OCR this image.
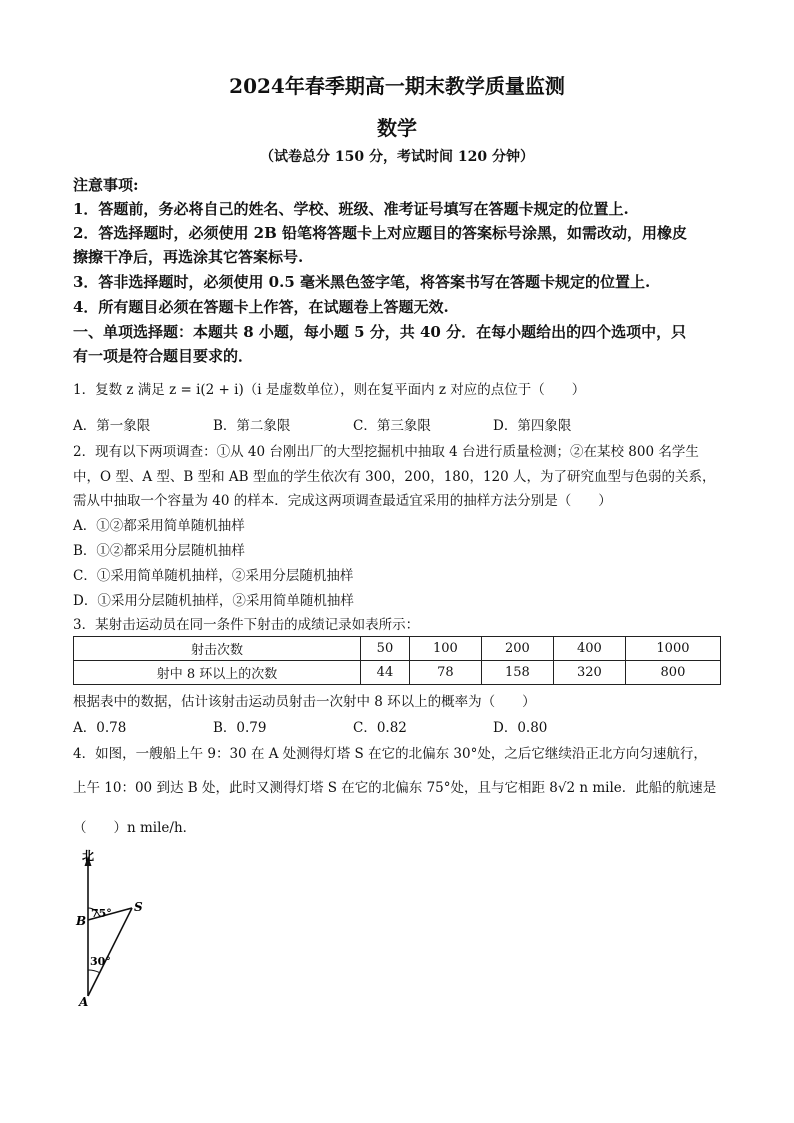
2024年春季期高一期末教学质量监测
数学
（试卷总分 150 分，考试时间 120 分钟）
注意事项:
1．答题前，务必将自己的姓名、学校、班级、准考证号填写在答题卡规定的位置上.
2．答选择题时，必须使用 2B 铅笔将答题卡上对应题目的答案标号涂黑，如需改动，用橡皮
擦擦干净后，再选涂其它答案标号.
3．答非选择题时，必须使用 0.5 毫米黑色签字笔，将答案书写在答题卡规定的位置上.
4．所有题目必须在答题卡上作答，在试题卷上答题无效.
一、单项选择题：本题共 8 小题，每小题 5 分，共 40 分．在每小题给出的四个选项中，只
有一项是符合题目要求的．
1．复数 z 满足 z = i(2 + i)（i 是虚数单位），则在复平面内 z 对应的点位于（　　）
A．第一象限	B．第二象限	C．第三象限	D．第四象限
2．现有以下两项调查：①从 40 台刚出厂的大型挖掘机中抽取 4 台进行质量检测；②在某校 800 名学生
中，O 型、A 型、B 型和 AB 型血的学生依次有 300，200，180，120 人，为了研究血型与色弱的关系，
需从中抽取一个容量为 40 的样本．完成这两项调查最适宜采用的抽样方法分别是（　　）
A．①②都采用简单随机抽样
B．①②都采用分层随机抽样
C．①采用简单随机抽样，②采用分层随机抽样
D．①采用分层随机抽样，②采用简单随机抽样
3．某射击运动员在同一条件下射击的成绩记录如表所示：
射击次数	50	100	200	400	1000
射中 8 环以上的次数	44	78	158	320	800
根据表中的数据，估计该射击运动员射击一次射中 8 环以上的概率为（　　）
A．0.78	B．0.79	C．0.82	D．0.80
4．如图，一艘船上午 9：30 在 A 处测得灯塔 S 在它的北偏东 30°处，之后它继续沿正北方向匀速航行，
上午 10：00 到达 B 处，此时又测得灯塔 S 在它的北偏东 75°处，且与它相距 8√2 n mile．此船的航速是
（　　）n mile/h．
北
75°
30°
B
S
A
